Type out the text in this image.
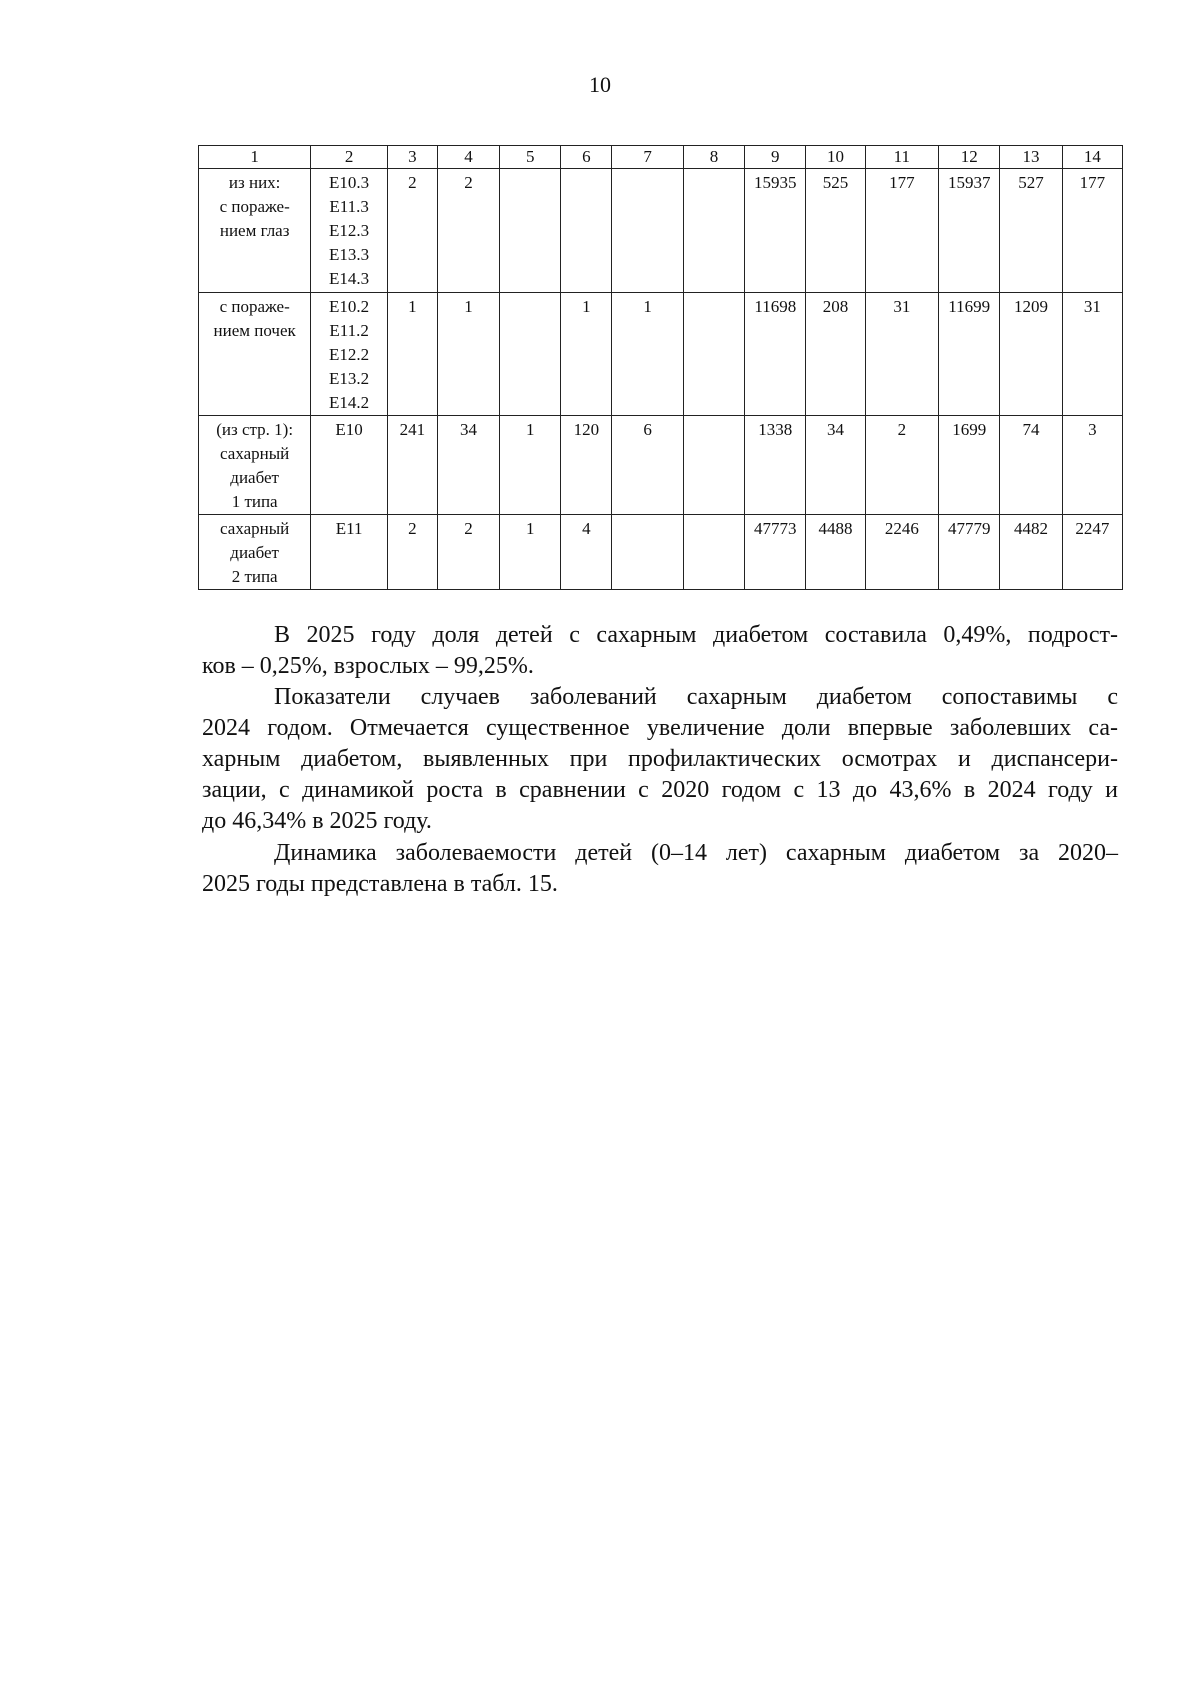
10
1	2	3	4	5	6	7	8	9	10	11	12	13	14
из них:
с пораже-
нием глаз	E10.3
E11.3
E12.3
E13.3
E14.3	2	2					15935	525	177	15937	527	177
с пораже-
нием почек	E10.2
E11.2
E12.2
E13.2
E14.2	1	1		1	1		11698	208	31	11699	1209	31
(из стр. 1):
сахарный
диабет
1 типа	E10	241	34	1	120	6		1338	34	2	1699	74	3
сахарный
диабет
2 типа	E11	2	2	1	4			47773	4488	2246	47779	4482	2247
В 2025 году доля детей с сахарным диабетом составила 0,49%, подрост-
ков – 0,25%, взрослых – 99,25%.
Показатели случаев заболеваний сахарным диабетом сопоставимы с
2024 годом. Отмечается существенное увеличение доли впервые заболевших са-
харным диабетом, выявленных при профилактических осмотрах и диспансери-
зации, с динамикой роста в сравнении с 2020 годом с 13 до 43,6% в 2024 году и
до 46,34% в 2025 году.
Динамика заболеваемости детей (0–14 лет) сахарным диабетом за 2020–
2025 годы представлена в табл. 15.
